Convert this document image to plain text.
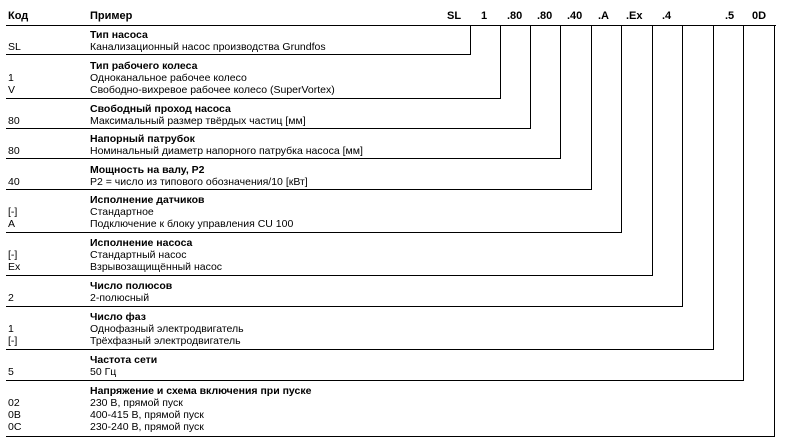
Код	Пример	SL 1 .80 .80 .40 .A .Ex .4	.5 0D
Тип насоса
SL	Канализационный насос производства Grundfos
Тип рабочего колеса
1	Одноканальное рабочее колесо
V	Свободно-вихревое рабочее колесо (SuperVortex)
Свободный проход насоса
80	Максимальный размер твёрдых частиц [мм]
Напорный патрубок
80	Номинальный диаметр напорного патрубка насоса [мм]
Мощность на валу, P2
40	P2 = число из типового обозначения/10 [кВт]
Исполнение датчиков
[-]	Стандартное
A	Подключение к блоку управления CU 100
Исполнение насоса
[-]	Стандартный насос
Ex	Взрывозащищённый насос
Число полюсов
2	2-полюсный
Число фаз
1	Однофазный электродвигатель
[-]	Трёхфазный электродвигатель
Частота сети
5	50 Гц
Напряжение и схема включения при пуске
02	230 В, прямой пуск
0B	400-415 В, прямой пуск
0C	230-240 В, прямой пуск
